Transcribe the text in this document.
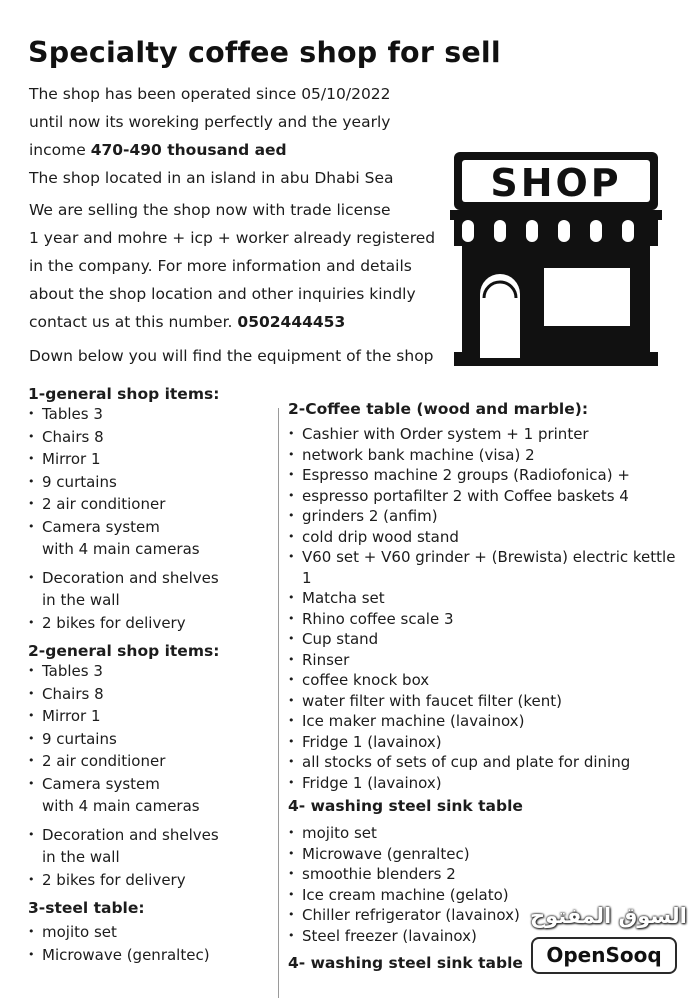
Specialty coffee shop for sell

The shop has been operated since 05/10/2022

until now its woreking perfectly and the yearly

income 470-490 thousand aed

The shop located in an island in abu Dhabi Sea

We are selling the shop now with trade license

1 year and mohre + icp + worker already registered

in the company. For more information and details

about the shop location and other inquiries kindly

contact us at this number. 0502444453

Down below you will find the equipment of the shop
SHOP
1-general shop items:
• Tables 3
• Chairs 8
• Mirror 1
• 9 curtains
• 2 air conditioner
• Camera system
with 4 main cameras
• Decoration and shelves
in the wall
• 2 bikes for delivery
2-general shop items:
• Tables 3
• Chairs 8
• Mirror 1
• 9 curtains
• 2 air conditioner
• Camera system
with 4 main cameras
• Decoration and shelves
in the wall
• 2 bikes for delivery
3-steel table:
• mojito set
• Microwave (genraltec)
2-Coffee table (wood and marble):
• Cashier with Order system + 1 printer
• network bank machine (visa) 2
• Espresso machine 2 groups (Radiofonica) +
• espresso portafilter 2 with Coffee baskets 4
• grinders 2 (anfim)
• cold drip wood stand
• V60 set + V60 grinder + (Brewista) electric kettle 1
• Matcha set
• Rhino coffee scale 3
• Cup stand
• Rinser
• coffee knock box
• water filter with faucet filter (kent)
• Ice maker machine (lavainox)
• Fridge 1 (lavainox)
• all stocks of sets of cup and plate for dining
• Fridge 1 (lavainox)
4- washing steel sink table
• mojito set
• Microwave (genraltec)
• smoothie blenders 2
• Ice cream machine (gelato)
• Chiller refrigerator (lavainox)
• Steel freezer (lavainox)
4- washing steel sink table
السوق المفتوح
OpenSooq
